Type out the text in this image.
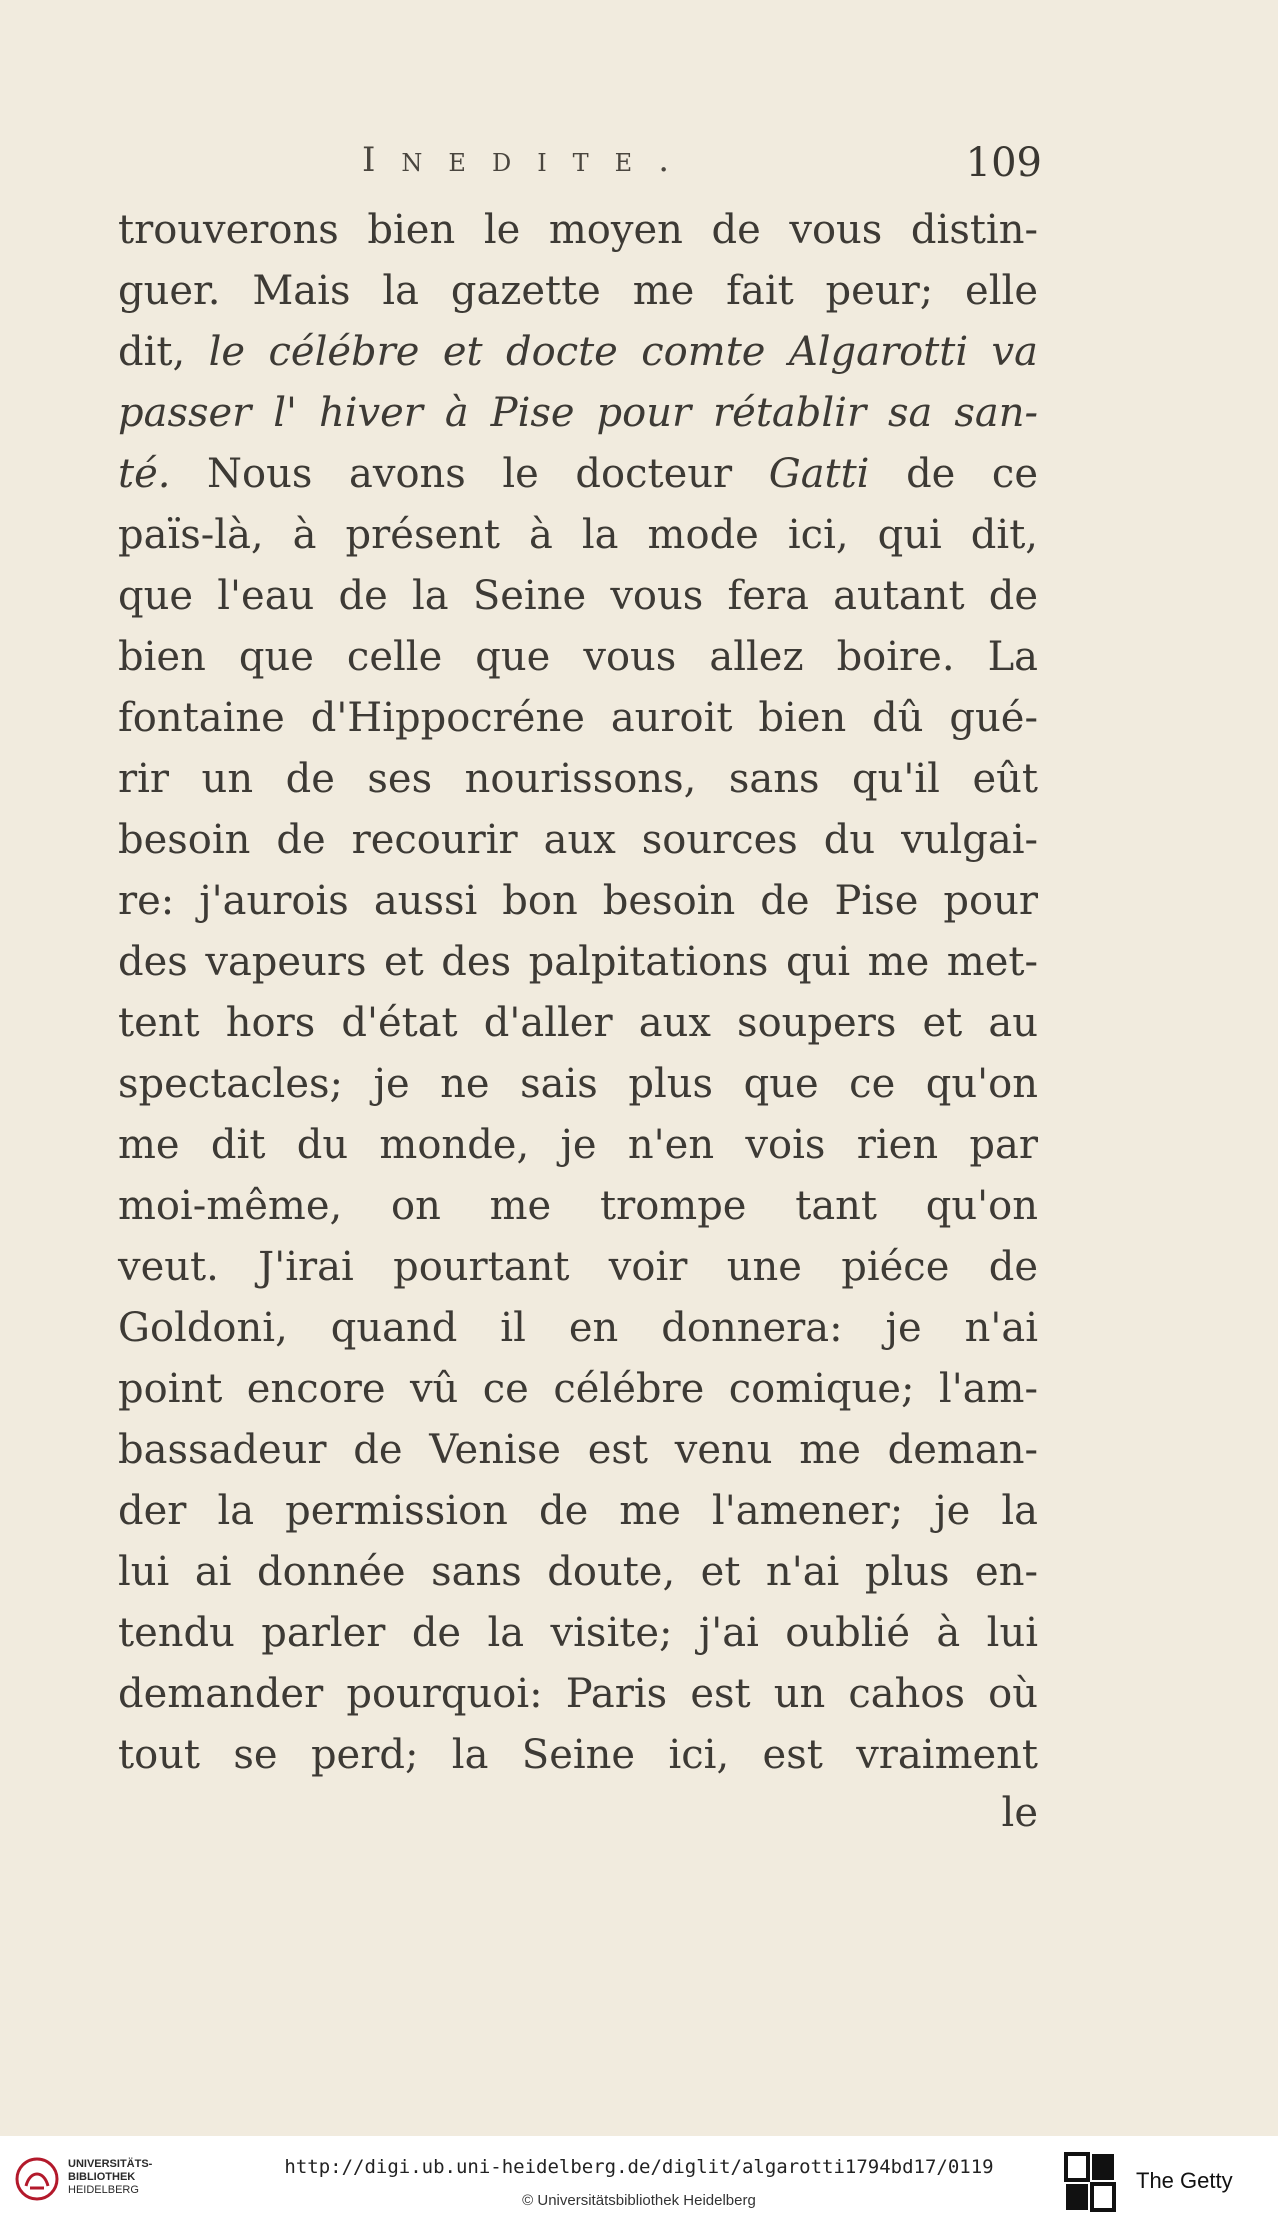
Inedite.	109
trouverons bien le moyen de vous distin-
guer. Mais la gazette me fait peur; elle
dit, le célébre et docte comte Algarotti va
passer l' hiver à Pise pour rétablir sa san-
té. Nous avons le docteur Gatti de ce
païs-là, à présent à la mode ici, qui dit,
que l'eau de la Seine vous fera autant de
bien que celle que vous allez boire. La
fontaine d'Hippocréne auroit bien dû gué-
rir un de ses nourissons, sans qu'il eût
besoin de recourir aux sources du vulgai-
re: j'aurois aussi bon besoin de Pise pour
des vapeurs et des palpitations qui me met-
tent hors d'état d'aller aux soupers et au
spectacles; je ne sais plus que ce qu'on
me dit du monde, je n'en vois rien par
moi-même, on me trompe tant qu'on
veut. J'irai pourtant voir une piéce de
Goldoni, quand il en donnera: je n'ai
point encore vû ce célébre comique; l'am-
bassadeur de Venise est venu me deman-
der la permission de me l'amener; je la
lui ai donnée sans doute, et n'ai plus en-
tendu parler de la visite; j'ai oublié à lui
demander pourquoi: Paris est un cahos où
tout se perd; la Seine ici, est vraiment
le
UNIVERSITÄTS-
BIBLIOTHEK
HEIDELBERG
http://digi.ub.uni-heidelberg.de/diglit/algarotti1794bd17/0119
© Universitätsbibliothek Heidelberg
The Getty
